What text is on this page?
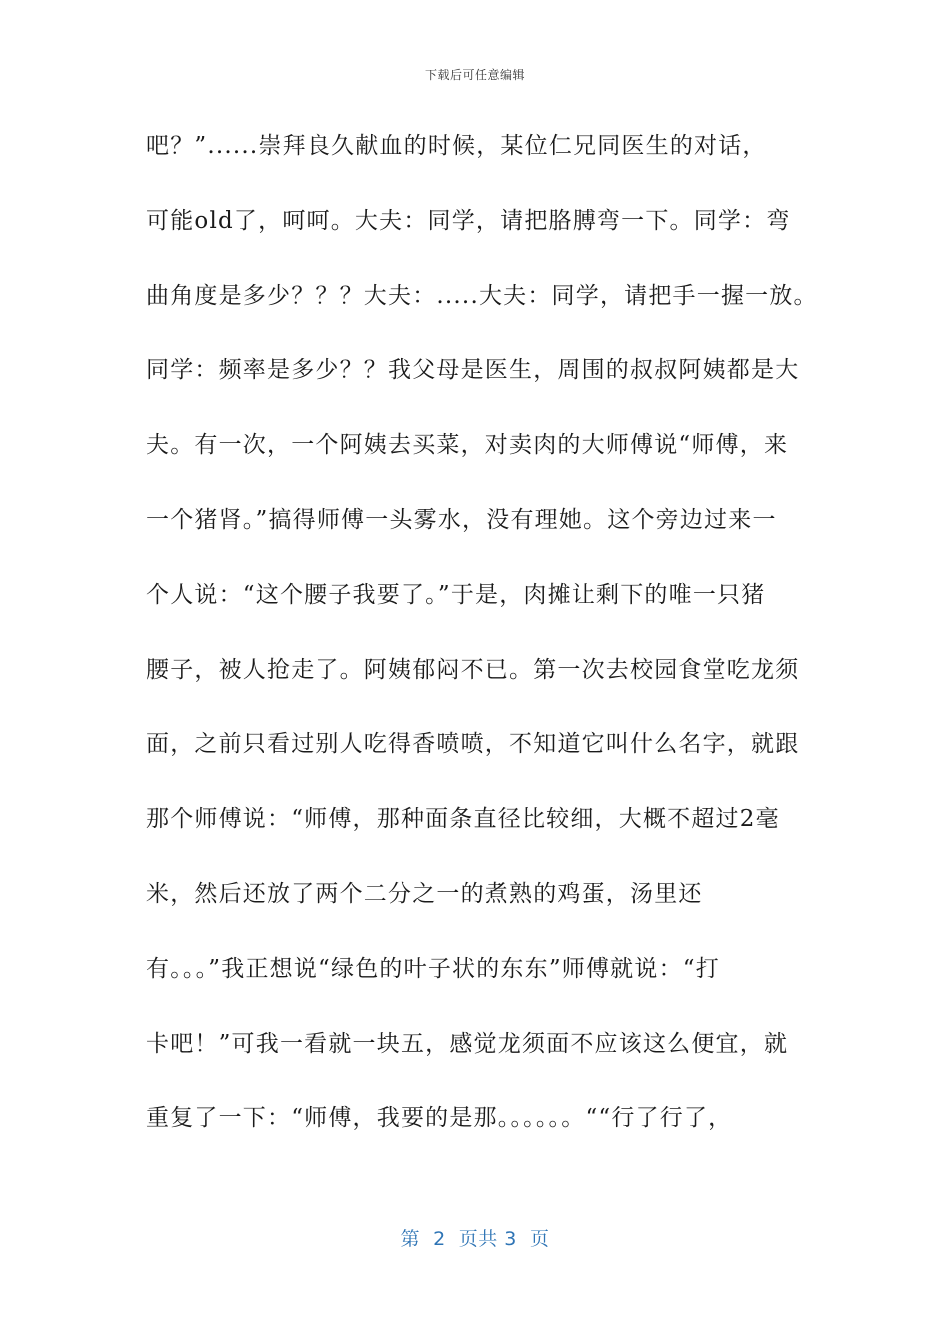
下载后可任意编辑
吧？”......崇拜良久献血的时候，某位仁兄同医生的对话，
可能old了，呵呵。大夫：同学，请把胳膊弯一下。同学：弯
曲角度是多少？？？大夫：.....大夫：同学，请把手一握一放。
同学：频率是多少？？我父母是医生，周围的叔叔阿姨都是大
夫。有一次，一个阿姨去买菜，对卖肉的大师傅说“师傅，来
一个猪肾。”搞得师傅一头雾水，没有理她。这个旁边过来一
个人说：“这个腰子我要了。”于是，肉摊让剩下的唯一只猪
腰子，被人抢走了。阿姨郁闷不已。第一次去校园食堂吃龙须
面，之前只看过别人吃得香喷喷，不知道它叫什么名字，就跟
那个师傅说：“师傅，那种面条直径比较细，大概不超过2毫
米，然后还放了两个二分之一的煮熟的鸡蛋，汤里还
有。。。”我正想说“绿色的叶子状的东东”师傅就说：“打
卡吧！”可我一看就一块五，感觉龙须面不应该这么便宜，就
重复了一下：“师傅，我要的是那。。。。。。““行了行了，
第  2  页共 3  页
